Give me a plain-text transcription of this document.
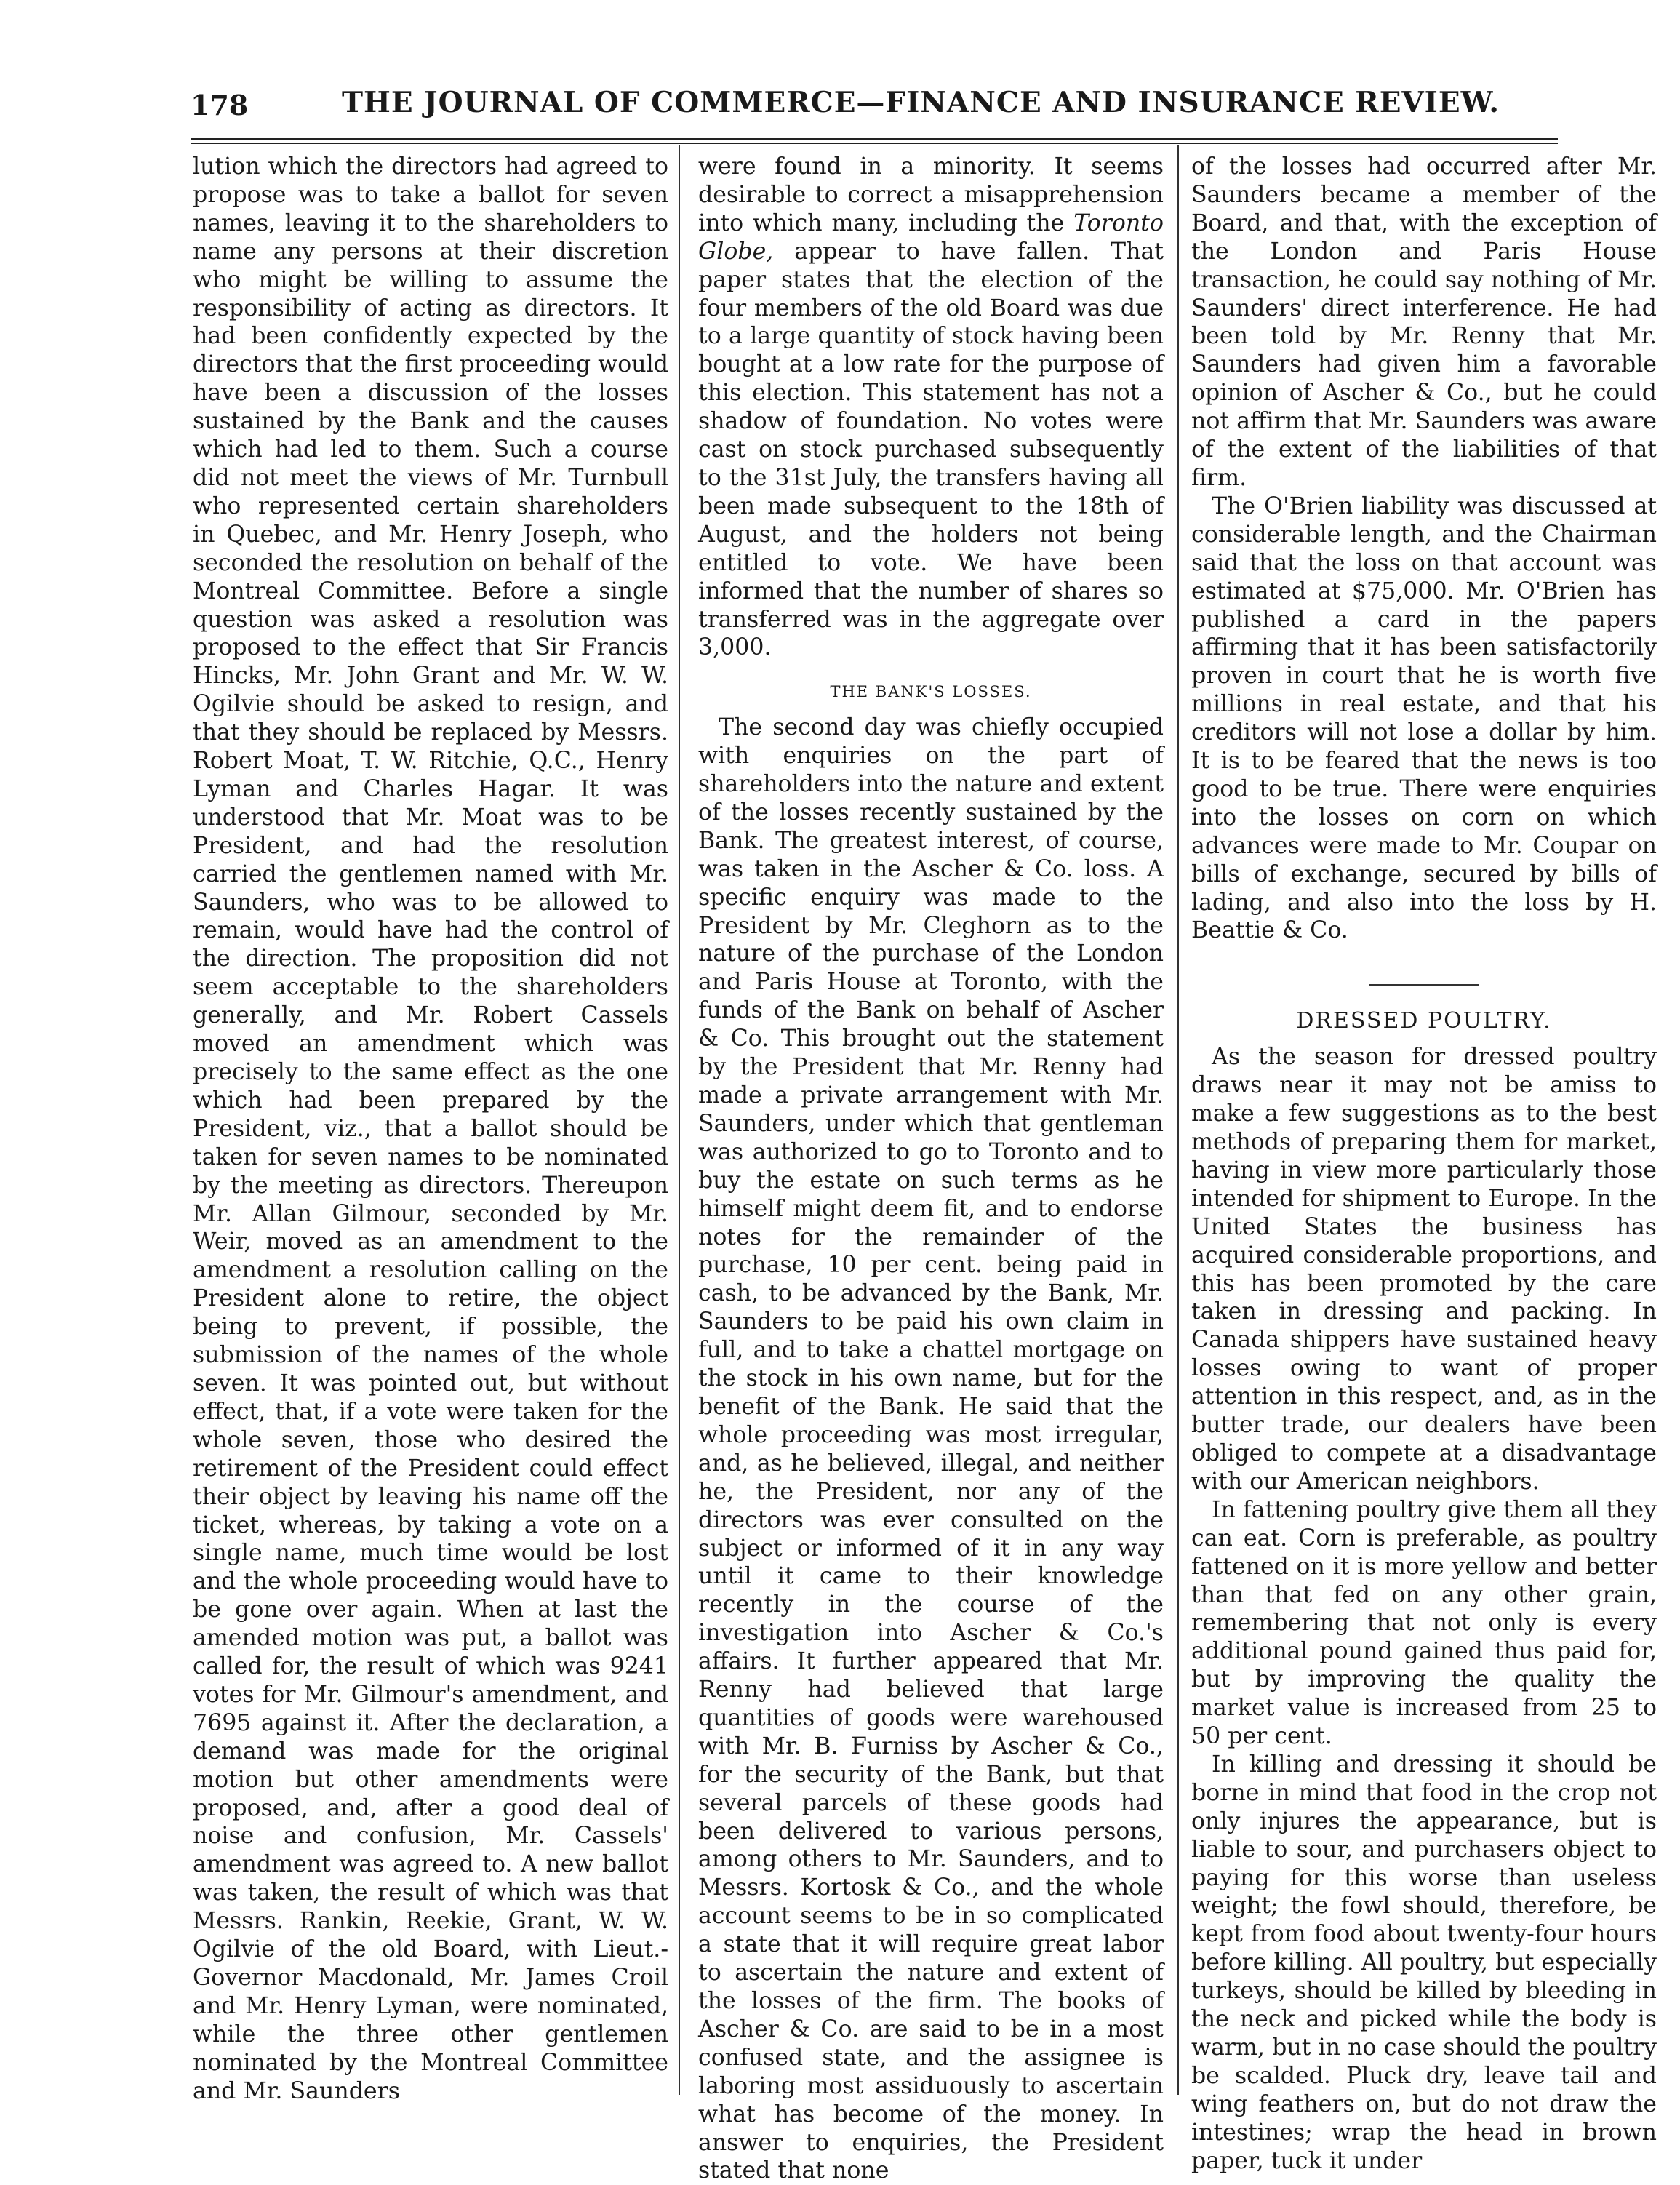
178	THE JOURNAL OF COMMERCE—FINANCE AND INSURANCE REVIEW.

lution which the directors had agreed to propose was to take a ballot for seven names, leaving it to the shareholders to name any persons at their discretion who might be willing to assume the responsibility of acting as directors. It had been confidently expected by the directors that the first proceeding would have been a discussion of the losses sustained by the Bank and the causes which had led to them. Such a course did not meet the views of Mr. Turnbull who represented certain shareholders in Quebec, and Mr. Henry Joseph, who seconded the resolution on behalf of the Montreal Committee. Before a single question was asked a resolution was proposed to the effect that Sir Francis Hincks, Mr. John Grant and Mr. W. W. Ogilvie should be asked to resign, and that they should be replaced by Messrs. Robert Moat, T. W. Ritchie, Q.C., Henry Lyman and Charles Hagar. It was understood that Mr. Moat was to be President, and had the resolution carried the gentlemen named with Mr. Saunders, who was to be allowed to remain, would have had the control of the direction. The proposition did not seem acceptable to the shareholders generally, and Mr. Robert Cassels moved an amendment which was precisely to the same effect as the one which had been prepared by the President, viz., that a ballot should be taken for seven names to be nominated by the meeting as directors. Thereupon Mr. Allan Gilmour, seconded by Mr. Weir, moved as an amendment to the amendment a resolution calling on the President alone to retire, the object being to prevent, if possible, the submission of the names of the whole seven. It was pointed out, but without effect, that, if a vote were taken for the whole seven, those who desired the retirement of the President could effect their object by leaving his name off the ticket, whereas, by taking a vote on a single name, much time would be lost and the whole proceeding would have to be gone over again. When at last the amended motion was put, a ballot was called for, the result of which was 9241 votes for Mr. Gilmour's amendment, and 7695 against it. After the declaration, a demand was made for the original motion but other amendments were proposed, and, after a good deal of noise and confusion, Mr. Cassels' amendment was agreed to. A new ballot was taken, the result of which was that Messrs. Rankin, Reekie, Grant, W. W. Ogilvie of the old Board, with Lieut.-Governor Macdonald, Mr. James Croil and Mr. Henry Lyman, were nominated, while the three other gentlemen nominated by the Montreal Committee and Mr. Saunders

were found in a minority. It seems desirable to correct a misapprehension into which many, including the Toronto Globe, appear to have fallen. That paper states that the election of the four members of the old Board was due to a large quantity of stock having been bought at a low rate for the purpose of this election. This statement has not a shadow of foundation. No votes were cast on stock purchased subsequently to the 31st July, the transfers having all been made subsequent to the 18th of August, and the holders not being entitled to vote. We have been informed that the number of shares so transferred was in the aggregate over 3,000.

THE BANK'S LOSSES.

The second day was chiefly occupied with enquiries on the part of shareholders into the nature and extent of the losses recently sustained by the Bank. The greatest interest, of course, was taken in the Ascher & Co. loss. A specific enquiry was made to the President by Mr. Cleghorn as to the nature of the purchase of the London and Paris House at Toronto, with the funds of the Bank on behalf of Ascher & Co. This brought out the statement by the President that Mr. Renny had made a private arrangement with Mr. Saunders, under which that gentleman was authorized to go to Toronto and to buy the estate on such terms as he himself might deem fit, and to endorse notes for the remainder of the purchase, 10 per cent. being paid in cash, to be advanced by the Bank, Mr. Saunders to be paid his own claim in full, and to take a chattel mortgage on the stock in his own name, but for the benefit of the Bank. He said that the whole proceeding was most irregular, and, as he believed, illegal, and neither he, the President, nor any of the directors was ever consulted on the subject or informed of it in any way until it came to their knowledge recently in the course of the investigation into Ascher & Co.'s affairs. It further appeared that Mr. Renny had believed that large quantities of goods were warehoused with Mr. B. Furniss by Ascher & Co., for the security of the Bank, but that several parcels of these goods had been delivered to various persons, among others to Mr. Saunders, and to Messrs. Kortosk & Co., and the whole account seems to be in so complicated a state that it will require great labor to ascertain the nature and extent of the losses of the firm. The books of Ascher & Co. are said to be in a most confused state, and the assignee is laboring most assiduously to ascertain what has become of the money. In answer to enquiries, the President stated that none

of the losses had occurred after Mr. Saunders became a member of the Board, and that, with the exception of the London and Paris House transaction, he could say nothing of Mr. Saunders' direct interference. He had been told by Mr. Renny that Mr. Saunders had given him a favorable opinion of Ascher & Co., but he could not affirm that Mr. Saunders was aware of the extent of the liabilities of that firm.

The O'Brien liability was discussed at considerable length, and the Chairman said that the loss on that account was estimated at $75,000. Mr. O'Brien has published a card in the papers affirming that it has been satisfactorily proven in court that he is worth five millions in real estate, and that his creditors will not lose a dollar by him. It is to be feared that the news is too good to be true. There were enquiries into the losses on corn on which advances were made to Mr. Coupar on bills of exchange, secured by bills of lading, and also into the loss by H. Beattie & Co.

DRESSED POULTRY.

As the season for dressed poultry draws near it may not be amiss to make a few suggestions as to the best methods of preparing them for market, having in view more particularly those intended for shipment to Europe. In the United States the business has acquired considerable proportions, and this has been promoted by the care taken in dressing and packing. In Canada shippers have sustained heavy losses owing to want of proper attention in this respect, and, as in the butter trade, our dealers have been obliged to compete at a disadvantage with our American neighbors.

In fattening poultry give them all they can eat. Corn is preferable, as poultry fattened on it is more yellow and better than that fed on any other grain, remembering that not only is every additional pound gained thus paid for, but by improving the quality the market value is increased from 25 to 50 per cent.

In killing and dressing it should be borne in mind that food in the crop not only injures the appearance, but is liable to sour, and purchasers object to paying for this worse than useless weight; the fowl should, therefore, be kept from food about twenty-four hours before killing. All poultry, but especially turkeys, should be killed by bleeding in the neck and picked while the body is warm, but in no case should the poultry be scalded. Pluck dry, leave tail and wing feathers on, but do not draw the intestines; wrap the head in brown paper, tuck it under
